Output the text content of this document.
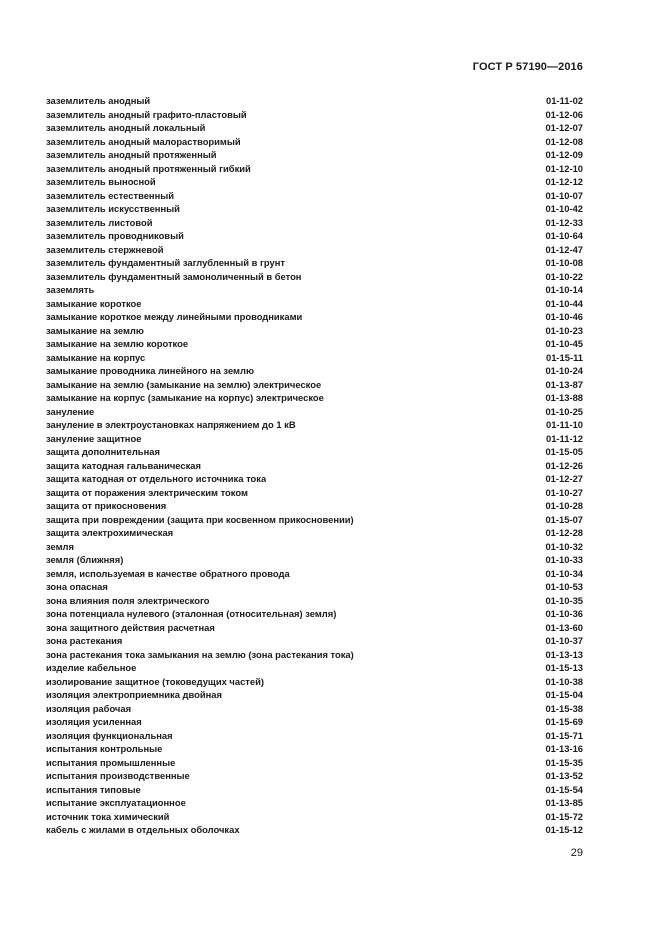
ГОСТ Р 57190—2016
заземлитель анодный	01-11-02
заземлитель анодный графито-пластовый	01-12-06
заземлитель анодный локальный	01-12-07
заземлитель анодный малорастворимый	01-12-08
заземлитель анодный протяженный	01-12-09
заземлитель анодный протяженный гибкий	01-12-10
заземлитель выносной	01-12-12
заземлитель естественный	01-10-07
заземлитель искусственный	01-10-42
заземлитель листовой	01-12-33
заземлитель проводниковый	01-10-64
заземлитель стержневой	01-12-47
заземлитель фундаментный заглубленный в грунт	01-10-08
заземлитель фундаментный замоноличенный в бетон	01-10-22
заземлять	01-10-14
замыкание короткое	01-10-44
замыкание короткое между линейными проводниками	01-10-46
замыкание на землю	01-10-23
замыкание на землю короткое	01-10-45
замыкание на корпус	01-15-11
замыкание проводника линейного на землю	01-10-24
замыкание на землю (замыкание на землю) электрическое	01-13-87
замыкание на корпус (замыкание на корпус) электрическое	01-13-88
зануление	01-10-25
зануление в электроустановках напряжением до 1 кВ	01-11-10
зануление защитное	01-11-12
защита дополнительная	01-15-05
защита катодная гальваническая	01-12-26
защита катодная от отдельного источника тока	01-12-27
защита от поражения электрическим током	01-10-27
защита от прикосновения	01-10-28
защита при повреждении (защита при косвенном прикосновении)	01-15-07
защита электрохимическая	01-12-28
земля	01-10-32
земля (ближняя)	01-10-33
земля, используемая в качестве обратного провода	01-10-34
зона опасная	01-10-53
зона влияния поля электрического	01-10-35
зона потенциала нулевого (эталонная (относительная) земля)	01-10-36
зона защитного действия расчетная	01-13-60
зона растекания	01-10-37
зона растекания тока замыкания на землю (зона растекания тока)	01-13-13
изделие кабельное	01-15-13
изолирование защитное (токоведущих частей)	01-10-38
изоляция электроприемника двойная	01-15-04
изоляция рабочая	01-15-38
изоляция усиленная	01-15-69
изоляция функциональная	01-15-71
испытания контрольные	01-13-16
испытания промышленные	01-15-35
испытания производственные	01-13-52
испытания типовые	01-15-54
испытание эксплуатационное	01-13-85
источник тока химический	01-15-72
кабель с жилами в отдельных оболочках	01-15-12
29
